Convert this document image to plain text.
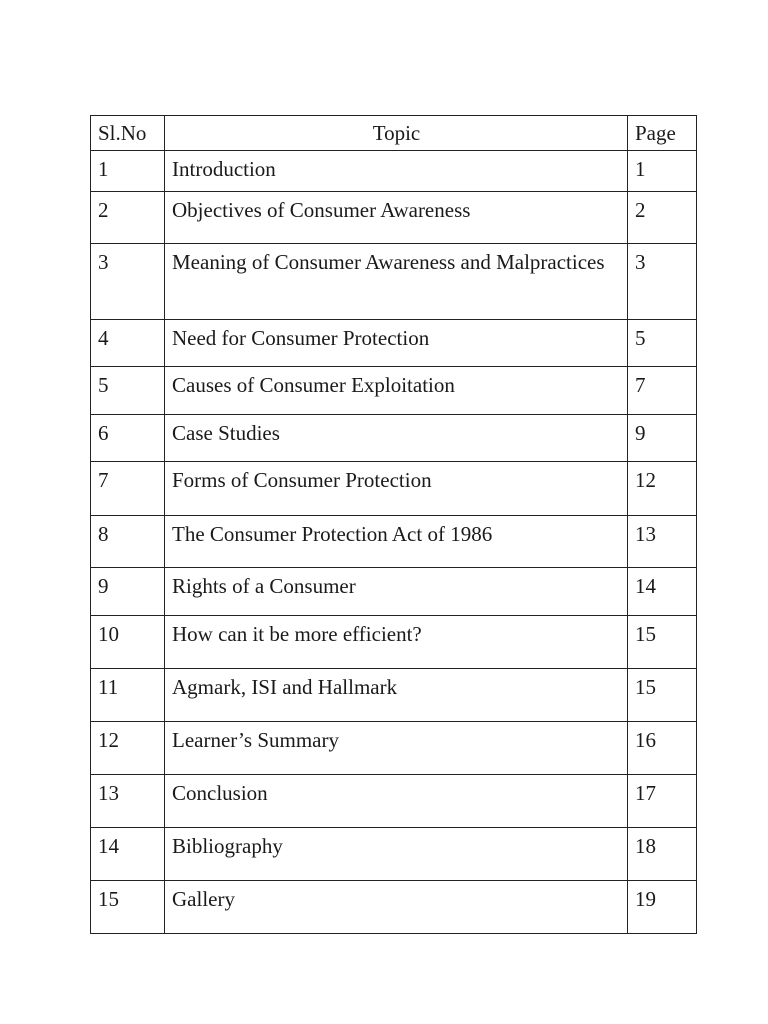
Sl.No	Topic	Page
1	Introduction	1
2	Objectives of Consumer Awareness	2
3	Meaning of Consumer Awareness and Malpractices	3
4	Need for Consumer Protection	5
5	Causes of Consumer Exploitation	7
6	Case Studies	9
7	Forms of Consumer Protection	12
8	The Consumer Protection Act of 1986	13
9	Rights of a Consumer	14
10	How can it be more efficient?	15
11	Agmark, ISI and Hallmark	15
12	Learner’s Summary	16
13	Conclusion	17
14	Bibliography	18
15	Gallery	19
